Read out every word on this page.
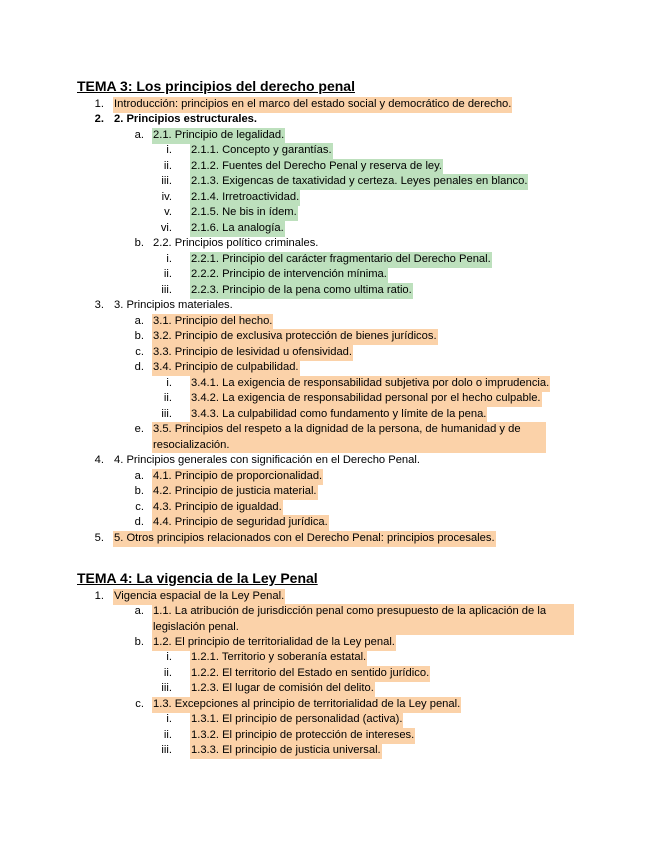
TEMA 3: Los principios del derecho penal
1. Introducción: principios en el marco del estado social y democrático de derecho.
2. 2. Principios estructurales.
a. 2.1. Principio de legalidad.
i. 2.1.1. Concepto y garantías.
ii. 2.1.2. Fuentes del Derecho Penal y reserva de ley.
iii. 2.1.3. Exigencas de taxatividad y certeza. Leyes penales en blanco.
iv. 2.1.4. Irretroactividad.
v. 2.1.5. Ne bis in ídem.
vi. 2.1.6. La analogía.
b. 2.2. Principios político criminales.
i. 2.2.1. Principio del carácter fragmentario del Derecho Penal.
ii. 2.2.2. Principio de intervención mínima.
iii. 2.2.3. Principio de la pena como ultima ratio.
3. 3. Principios materiales.
a. 3.1. Principio del hecho.
b. 3.2. Principio de exclusiva protección de bienes jurídicos.
c. 3.3. Principio de lesividad u ofensividad.
d. 3.4. Principio de culpabilidad.
i. 3.4.1. La exigencia de responsabilidad subjetiva por dolo o imprudencia.
ii. 3.4.2. La exigencia de responsabilidad personal por el hecho culpable.
iii. 3.4.3. La culpabilidad como fundamento y límite de la pena.
e. 3.5. Principios del respeto a la dignidad de la persona, de humanidad y de resocialización.
4. 4. Principios generales con significación en el Derecho Penal.
a. 4.1. Principio de proporcionalidad.
b. 4.2. Principio de justicia material.
c. 4.3. Principio de igualdad.
d. 4.4. Principio de seguridad jurídica.
5. 5. Otros principios relacionados con el Derecho Penal: principios procesales.
TEMA 4: La vigencia de la Ley Penal
1. Vigencia espacial de la Ley Penal.
a. 1.1. La atribución de jurisdicción penal como presupuesto de la aplicación de la legislación penal.
b. 1.2. El principio de territorialidad de la Ley penal.
i. 1.2.1. Territorio y soberanía estatal.
ii. 1.2.2. El territorio del Estado en sentido jurídico.
iii. 1.2.3. El lugar de comisión del delito.
c. 1.3. Excepciones al principio de territorialidad de la Ley penal.
i. 1.3.1. El principio de personalidad (activa).
ii. 1.3.2. El principio de protección de intereses.
iii. 1.3.3. El principio de justicia universal.
